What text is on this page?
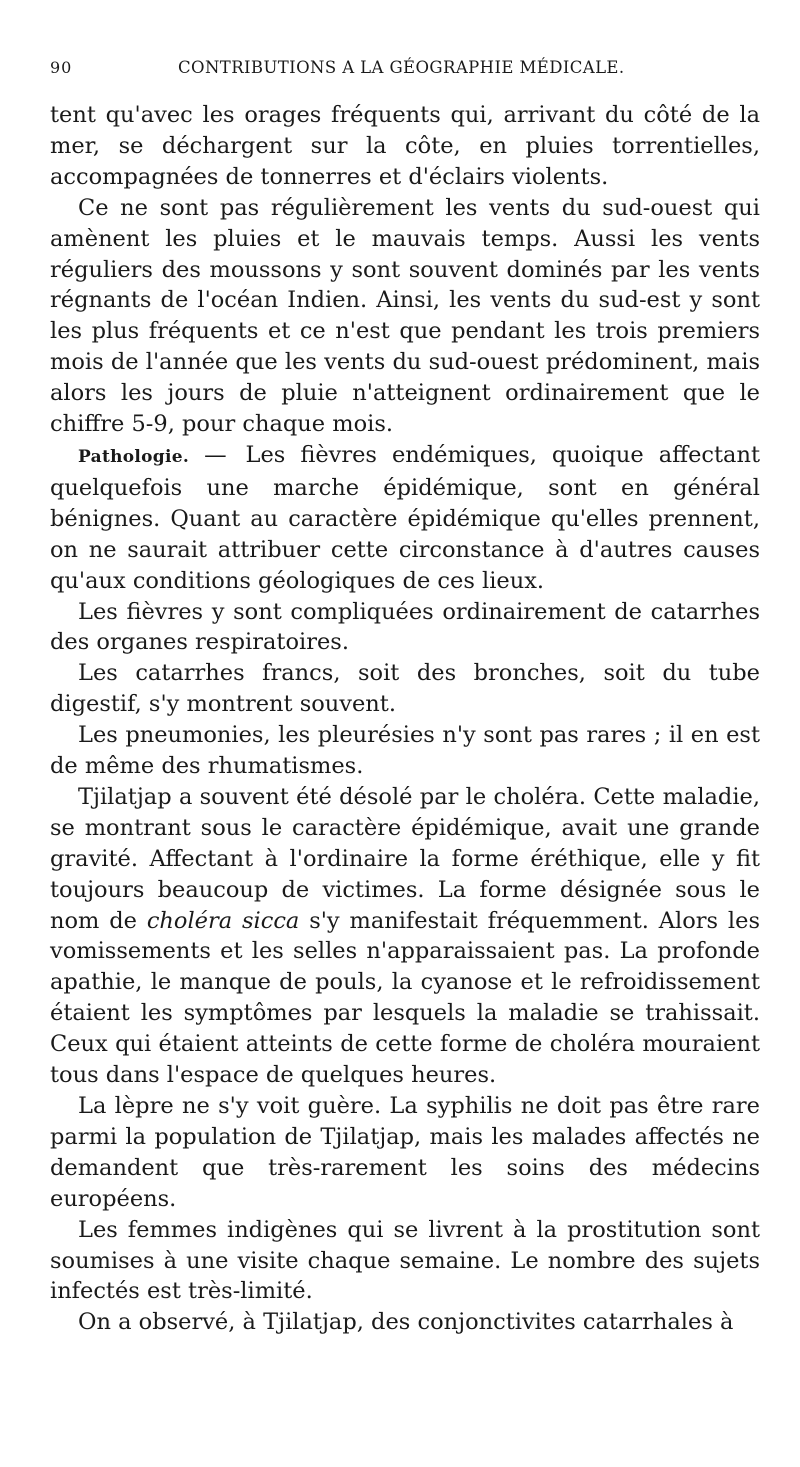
90	CONTRIBUTIONS A LA GÉOGRAPHIE MÉDICALE.

tent qu'avec les orages fréquents qui, arrivant du côté de la mer, se déchargent sur la côte, en pluies torrentielles, accompagnées de tonnerres et d'éclairs violents.

Ce ne sont pas régulièrement les vents du sud-ouest qui amènent les pluies et le mauvais temps. Aussi les vents réguliers des moussons y sont souvent dominés par les vents régnants de l'océan Indien. Ainsi, les vents du sud-est y sont les plus fréquents et ce n'est que pendant les trois premiers mois de l'année que les vents du sud-ouest prédominent, mais alors les jours de pluie n'atteignent ordinairement que le chiffre 5-9, pour chaque mois.

Pathologie. — Les fièvres endémiques, quoique affectant quelquefois une marche épidémique, sont en général bénignes. Quant au caractère épidémique qu'elles prennent, on ne saurait attribuer cette circonstance à d'autres causes qu'aux conditions géologiques de ces lieux.

Les fièvres y sont compliquées ordinairement de catarrhes des organes respiratoires.

Les catarrhes francs, soit des bronches, soit du tube digestif, s'y montrent souvent.

Les pneumonies, les pleurésies n'y sont pas rares ; il en est de même des rhumatismes.

Tjilatjap a souvent été désolé par le choléra. Cette maladie, se montrant sous le caractère épidémique, avait une grande gravité. Affectant à l'ordinaire la forme éréthique, elle y fit toujours beaucoup de victimes. La forme désignée sous le nom de choléra sicca s'y manifestait fréquemment. Alors les vomissements et les selles n'apparaissaient pas. La profonde apathie, le manque de pouls, la cyanose et le refroidissement étaient les symptômes par lesquels la maladie se trahissait. Ceux qui étaient atteints de cette forme de choléra mouraient tous dans l'espace de quelques heures.

La lèpre ne s'y voit guère. La syphilis ne doit pas être rare parmi la population de Tjilatjap, mais les malades affectés ne demandent que très-rarement les soins des médecins européens.

Les femmes indigènes qui se livrent à la prostitution sont soumises à une visite chaque semaine. Le nombre des sujets infectés est très-limité.

On a observé, à Tjilatjap, des conjonctivites catarrhales à
